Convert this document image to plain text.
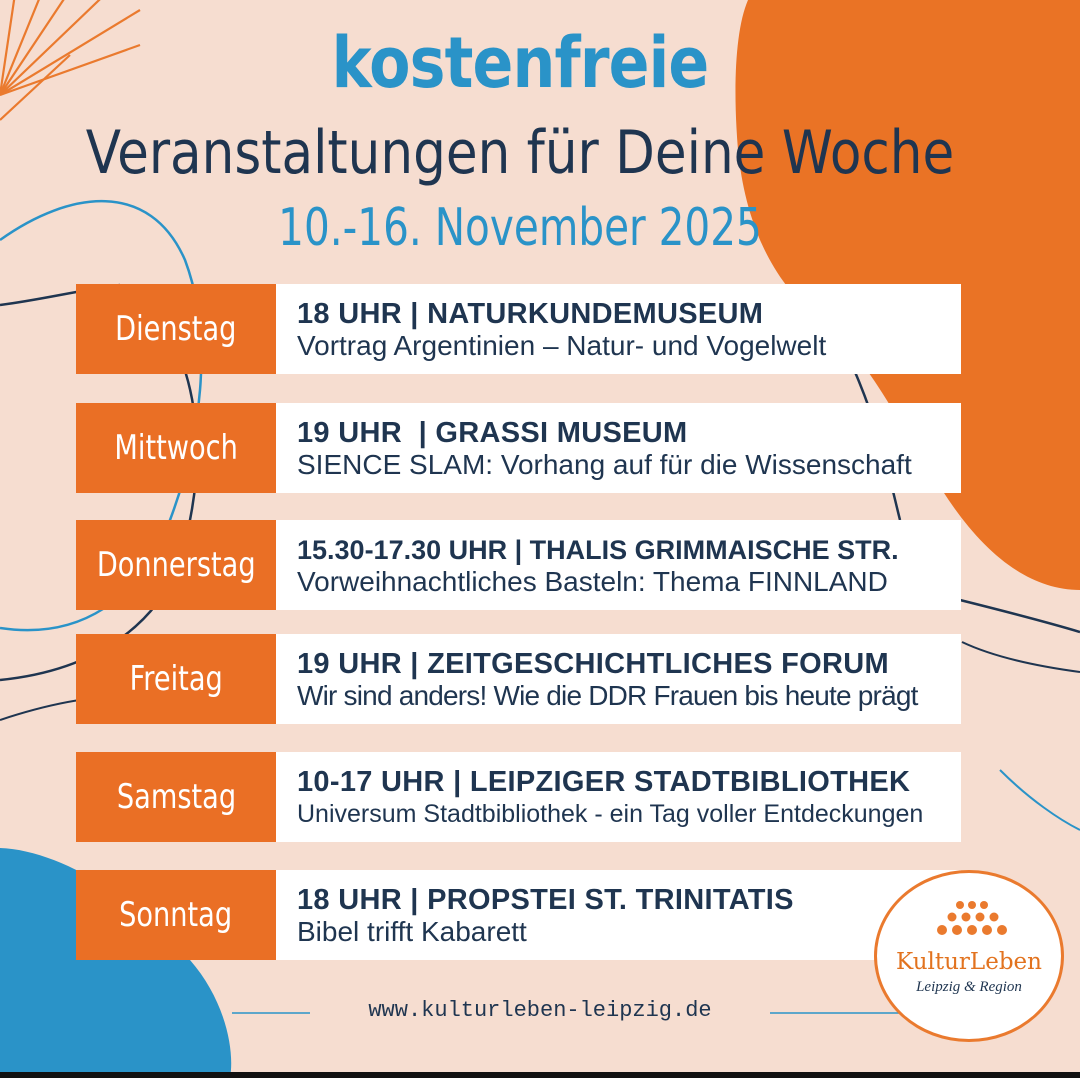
kostenfreie
Veranstaltungen für Deine Woche
10.-16. November 2025
Dienstag 18 UHR | NATURKUNDEMUSEUM
Vortrag Argentinien – Natur- und Vogelwelt
Mittwoch 19 UHR  | GRASSI MUSEUM
SIENCE SLAM: Vorhang auf für die Wissenschaft
Donnerstag 15.30-17.30 UHR | THALIS GRIMMAISCHE STR.
Vorweihnachtliches Basteln: Thema FINNLAND
Freitag	19 UHR | ZEITGESCHICHTLICHES FORUM
Wir sind anders! Wie die DDR Frauen bis heute prägt
Samstag 10-17 UHR | LEIPZIGER STADTBIBLIOTHEK
Universum Stadtbibliothek - ein Tag voller Entdeckungen
Sonntag 18 UHR | PROPSTEI ST. TRINITATIS
Bibel trifft Kabarett
www.kulturleben-leipzig.de
KulturLeben
Leipzig & Region
